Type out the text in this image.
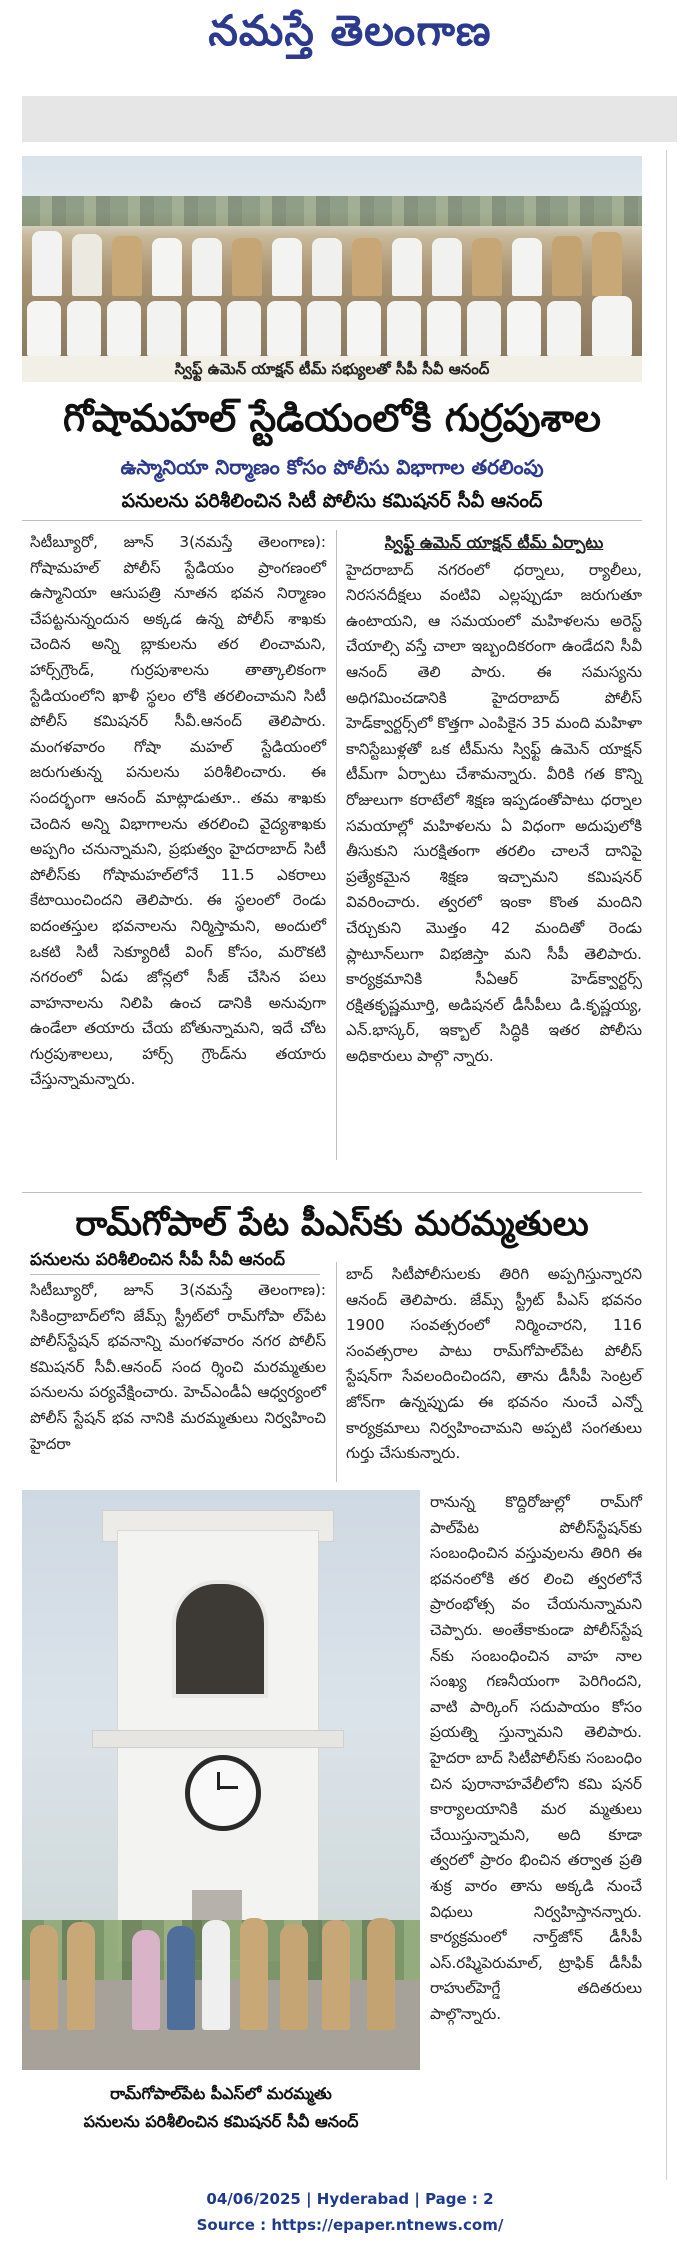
నమస్తే తెలంగాణ
స్విఫ్ట్ ఉమెన్ యాక్షన్ టీమ్ సభ్యులతో సీపీ సీవీ ఆనంద్
గోషామహల్ స్టేడియంలోకి గుర్రపుశాల
ఉస్మానియా నిర్మాణం కోసం పోలీసు విభాగాల తరలింపు
పనులను పరిశీలించిన సిటీ పోలీసు కమిషనర్ సీవీ ఆనంద్

సిటీబ్యూరో, జూన్ 3(నమస్తే తెలంగాణ): గోషామహల్ పోలీస్ స్టేడియం ప్రాంగణంలో ఉస్మానియా ఆసుపత్రి నూతన భవన నిర్మాణం చేపట్టనున్నందున అక్కడ ఉన్న పోలీస్ శాఖకు చెందిన అన్ని బ్లాకులను తర లించామని, హార్స్‌గ్రౌండ్, గుర్రపుశాలను తాత్కాలికంగా స్టేడియంలోని ఖాళీ స్థలం లోకి తరలించామని సిటీ పోలీస్ కమిషనర్ సీవీ.ఆనంద్ తెలిపారు. మంగళవారం గోషా మహల్ స్టేడియంలో జరుగుతున్న పనులను పరిశీలించారు. ఈ సందర్భంగా ఆనంద్ మాట్లాడుతూ.. తమ శాఖకు చెందిన అన్ని విభాగాలను తరలించి వైద్యశాఖకు అప్పగిం చనున్నామని, ప్రభుత్వం హైదరాబాద్ సిటీ పోలీస్‌కు గోషామహల్‌లోనే 11.5 ఎకరాలు కేటాయించిందని తెలిపారు. ఈ స్థలంలో రెండు ఐదంతస్తుల భవనాలను నిర్మిస్తామని, అందులో ఒకటి సిటీ సెక్యూరిటీ వింగ్ కోసం, మరొకటి నగరంలో ఏడు జోన్లలో సీజ్ చేసిన పలు వాహనాలను నిలిపి ఉంచ డానికి అనువుగా ఉండేలా తయారు చేయ బోతున్నామని, ఇదే చోట గుర్రపుశాలలు, హార్స్ గ్రౌండ్‌ను తయారు చేస్తున్నామన్నారు.

స్విఫ్ట్ ఉమెన్ యాక్షన్ టీమ్ ఏర్పాటు

హైదరాబాద్ నగరంలో ధర్నాలు, ర్యాలీలు, నిరసనదీక్షలు వంటివి ఎల్లప్పుడూ జరుగుతూ ఉంటాయని, ఆ సమయంలో మహిళలను అరెస్ట్ చేయాల్సి వస్తే చాలా ఇబ్బందికరంగా ఉండేదని సీవీ ఆనంద్ తెలి పారు. ఈ సమస్యను అధిగమించడానికి హైదరాబాద్ పోలీస్ హెడ్‌క్వార్టర్స్‌లో కొత్తగా ఎంపికైన 35 మంది మహిళా కానిస్టేబుళ్లతో ఒక టీమ్‌ను స్విఫ్ట్ ఉమెన్ యాక్షన్ టీమ్‌గా ఏర్పాటు చేశామన్నారు. వీరికి గత కొన్ని రోజులుగా కరాటేలో శిక్షణ ఇప్పడంతోపాటు ధర్నాల సమయాల్లో మహిళలను ఏ విధంగా అదుపులోకి తీసుకుని సురక్షితంగా తరలిం చాలనే దానిపై ప్రత్యేకమైన శిక్షణ ఇచ్చామని కమిషనర్ వివరించారు. త్వరలో ఇంకా కొంత మందిని చేర్చుకుని మొత్తం 42 మందితో రెండు ప్లాటూన్‌లుగా విభజిస్తా మని సీపీ తెలిపారు. కార్యక్రమానికి సీఏఆర్ హెడ్‌క్వార్టర్స్ రక్షితకృష్ణమూర్తి, అడిషనల్ డీసీపీలు డి.కృష్ణయ్య, ఎన్.భాస్కర్, ఇక్బాల్ సిద్ధికి ఇతర పోలీసు అధికారులు పాల్గొ న్నారు.

రామ్‌గోపాల్ పేట పీఎస్‌కు మరమ్మతులు
పనులను పరిశీలించిన సీపీ సీవీ ఆనంద్

సిటీబ్యూరో, జూన్ 3(నమస్తే తెలంగాణ): సికింద్రాబాద్‌లోని జేమ్స్ స్ట్రీట్‌లో రామ్‌గోపా ల్‌పేట పోలీస్‌స్టేషన్ భవనాన్ని మంగళవారం నగర పోలీస్ కమిషనర్ సీవీ.ఆనంద్ సంద ర్శించి మరమ్మతుల పనులను పర్యవేక్షించారు. హెచ్‌ఎండీఏ ఆధ్వర్యంలో పోలీస్ స్టేషన్ భవ నానికి మరమ్మతులు నిర్వహించి హైదరా

బాద్ సిటీపోలీసులకు తిరిగి అప్పగిస్తున్నారని ఆనంద్ తెలిపారు. జేమ్స్ స్ట్రీట్ పీఎస్ భవనం 1900 సంవత్సరంలో నిర్మించారని, 116 సంవత్సరాల పాటు రామ్‌గోపాల్‌పేట పోలీస్ స్టేషన్‌గా సేవలందించిందని, తాను డీసీపీ సెంట్రల్ జోన్‌గా ఉన్నప్పుడు ఈ భవనం నుంచే ఎన్నో కార్యక్రమాలు నిర్వహించామని అప్పటి సంగతులు గుర్తు చేసుకున్నారు.

రానున్న కొద్దిరోజుల్లో రామ్‌గో పాల్‌పేట పోలీస్‌స్టేషన్‌కు సంబంధించిన వస్తువులను తిరిగి ఈ భవనంలోకి తర లించి త్వరలోనే ప్రారంభోత్స వం చేయనున్నామని చెప్పారు. అంతేకాకుండా పోలీస్‌స్టేష న్‌కు సంబంధించిన వాహ నాల సంఖ్య గణనీయంగా పెరిగిందని, వాటి పార్కింగ్ సదుపాయం కోసం ప్రయత్ని స్తున్నామని తెలిపారు. హైదరా బాద్ సిటీపోలీస్‌కు సంబంధిం చిన పురానాహవేలీలోని కమి షనర్ కార్యాలయానికి మర మ్మతులు చేయిస్తున్నామని, అది కూడా త్వరలో ప్రారం భించిన తర్వాత ప్రతి శుక్ర వారం తాను అక్కడి నుంచే విధులు నిర్వహిస్తానన్నారు. కార్యక్రమంలో నార్త్‌జోన్ డీసీపీ ఎస్.రష్మిపెరుమాల్, ట్రాఫిక్ డీసీపీ రాహుల్‌హెగ్డే తదితరులు పాల్గొన్నారు.

రామ్‌గోపాల్‌పేట పీఎస్‌లో మరమ్మతు
పనులను పరిశీలించిన కమిషనర్ సీవీ ఆనంద్
04/06/2025 | Hyderabad | Page : 2
Source : https://epaper.ntnews.com/
